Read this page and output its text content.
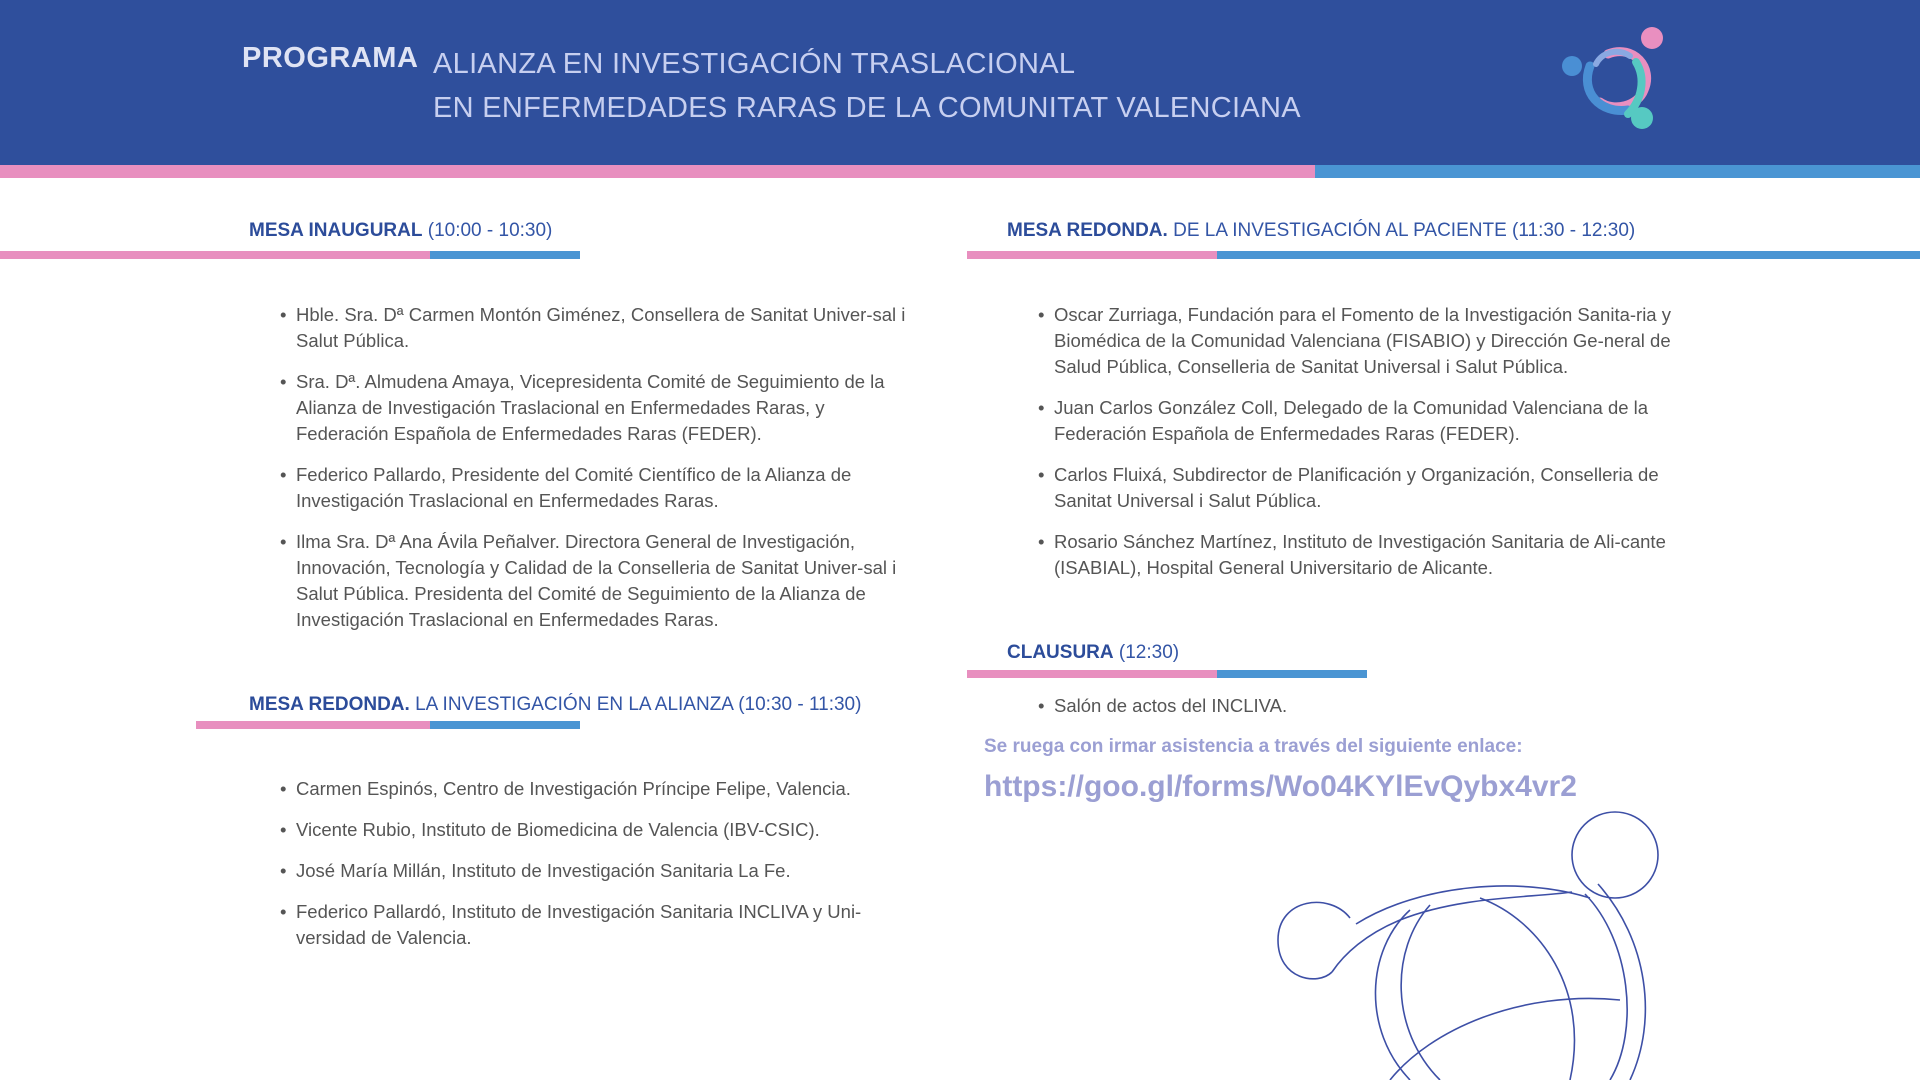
PROGRAMA ALIANZA EN INVESTIGACIÓN TRASLACIONAL
EN ENFERMEDADES RARAS DE LA COMUNITAT VALENCIANA
MESA INAUGURAL (10:00 - 10:30)
• Hble. Sra. Dª Carmen Montón Giménez, Consellera de Sanitat Univer-sal i Salut Pública.
• Sra. Dª. Almudena Amaya, Vicepresidenta Comité de Seguimiento de la Alianza de Investigación Traslacional en Enfermedades Raras, y Federación Española de Enfermedades Raras (FEDER).
• Federico Pallardo, Presidente del Comité Científico de la Alianza de Investigación Traslacional en Enfermedades Raras.
• Ilma Sra. Dª Ana Ávila Peñalver. Directora General de Investigación, Innovación, Tecnología y Calidad de la Conselleria de Sanitat Univer-sal i Salut Pública. Presidenta del Comité de Seguimiento de la Alianza de Investigación Traslacional en Enfermedades Raras.
MESA REDONDA. LA INVESTIGACIÓN EN LA ALIANZA (10:30 - 11:30)
• Carmen Espinós, Centro de Investigación Príncipe Felipe, Valencia.
• Vicente Rubio, Instituto de Biomedicina de Valencia (IBV-CSIC).
• José María Millán, Instituto de Investigación Sanitaria La Fe.
• Federico Pallardó, Instituto de Investigación Sanitaria INCLIVA y Uni-versidad de Valencia.
MESA REDONDA. DE LA INVESTIGACIÓN AL PACIENTE (11:30 - 12:30)
• Oscar Zurriaga, Fundación para el Fomento de la Investigación Sanita-ria y Biomédica de la Comunidad Valenciana (FISABIO) y Dirección Ge-neral de Salud Pública, Conselleria de Sanitat Universal i Salut Pública.
• Juan Carlos González Coll, Delegado de la Comunidad Valenciana de la Federación Española de Enfermedades Raras (FEDER).
• Carlos Fluixá, Subdirector de Planificación y Organización, Conselleria de Sanitat Universal i Salut Pública.
• Rosario Sánchez Martínez, Instituto de Investigación Sanitaria de Ali-cante (ISABIAL), Hospital General Universitario de Alicante.
CLAUSURA (12:30)
• Salón de actos del INCLIVA.
Se ruega con irmar asistencia a través del siguiente enlace:
https://goo.gl/forms/Wo04KYlEvQybx4vr2
